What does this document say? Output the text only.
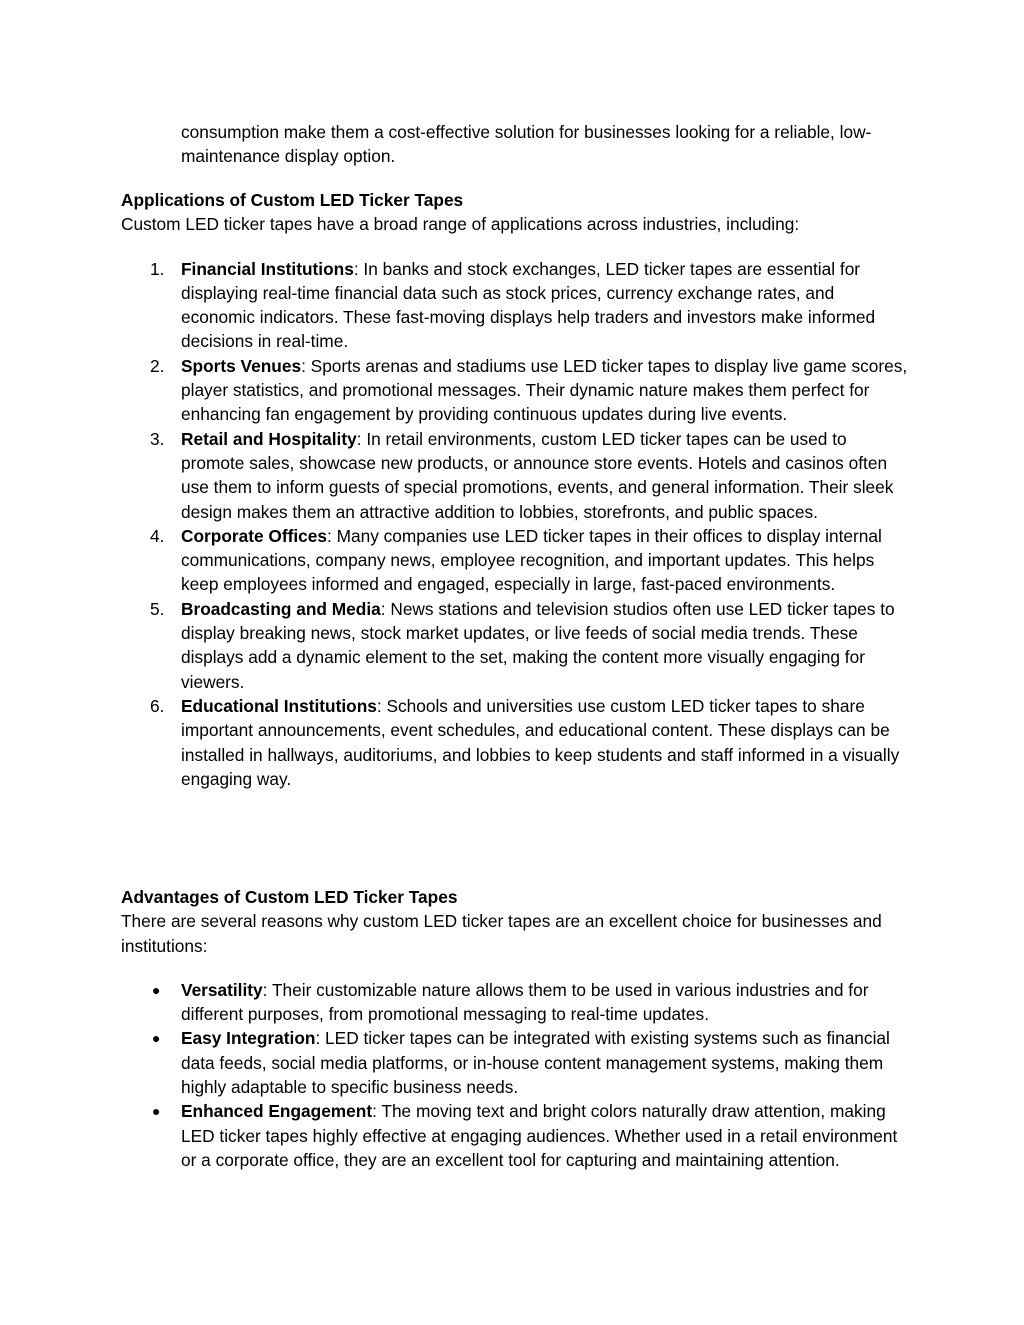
consumption make them a cost-effective solution for businesses looking for a reliable, low-maintenance display option.

Applications of Custom LED Ticker Tapes

Custom LED ticker tapes have a broad range of applications across industries, including:

1. Financial Institutions: In banks and stock exchanges, LED ticker tapes are essential for displaying real-time financial data such as stock prices, currency exchange rates, and economic indicators. These fast-moving displays help traders and investors make informed decisions in real-time.
2. Sports Venues: Sports arenas and stadiums use LED ticker tapes to display live game scores, player statistics, and promotional messages. Their dynamic nature makes them perfect for enhancing fan engagement by providing continuous updates during live events.
3. Retail and Hospitality: In retail environments, custom LED ticker tapes can be used to promote sales, showcase new products, or announce store events. Hotels and casinos often use them to inform guests of special promotions, events, and general information. Their sleek design makes them an attractive addition to lobbies, storefronts, and public spaces.
4. Corporate Offices: Many companies use LED ticker tapes in their offices to display internal communications, company news, employee recognition, and important updates. This helps keep employees informed and engaged, especially in large, fast-paced environments.
5. Broadcasting and Media: News stations and television studios often use LED ticker tapes to display breaking news, stock market updates, or live feeds of social media trends. These displays add a dynamic element to the set, making the content more visually engaging for viewers.
6. Educational Institutions: Schools and universities use custom LED ticker tapes to share important announcements, event schedules, and educational content. These displays can be installed in hallways, auditoriums, and lobbies to keep students and staff informed in a visually engaging way.

Advantages of Custom LED Ticker Tapes

There are several reasons why custom LED ticker tapes are an excellent choice for businesses and institutions:

●	Versatility: Their customizable nature allows them to be used in various industries and for different purposes, from promotional messaging to real-time updates.
●	Easy Integration: LED ticker tapes can be integrated with existing systems such as financial data feeds, social media platforms, or in-house content management systems, making them highly adaptable to specific business needs.
●	Enhanced Engagement: The moving text and bright colors naturally draw attention, making LED ticker tapes highly effective at engaging audiences. Whether used in a retail environment or a corporate office, they are an excellent tool for capturing and maintaining attention.
